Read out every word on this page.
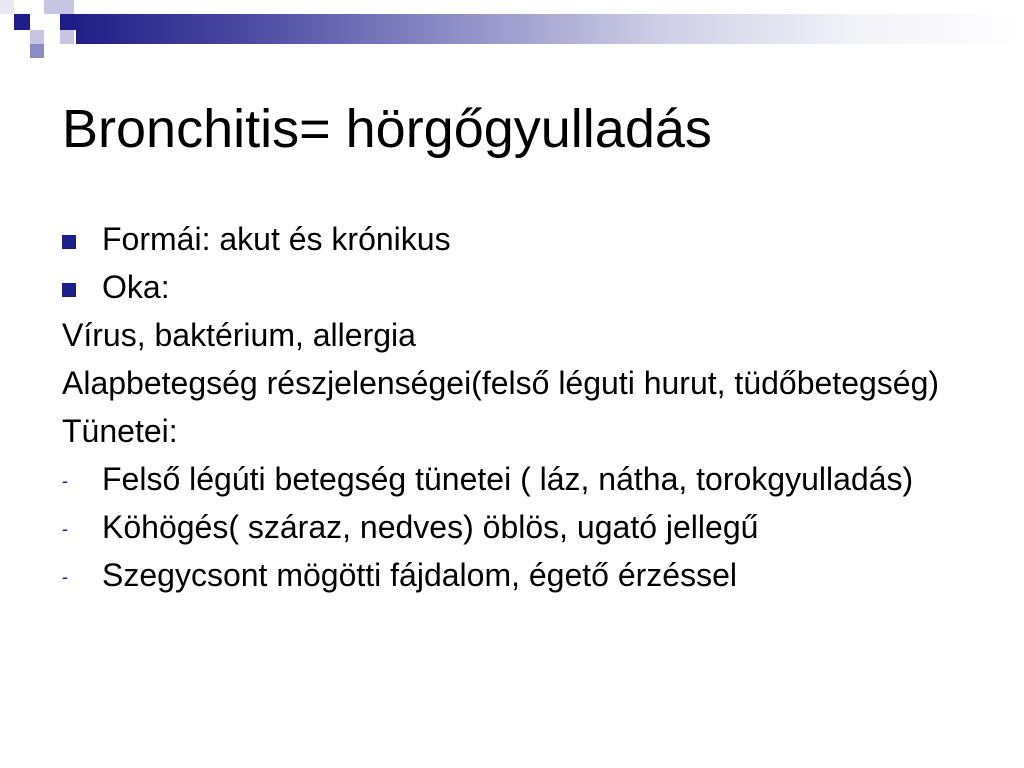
Bronchitis= hörgőgyulladás
Formái: akut és krónikus
Oka:
Vírus, baktérium, allergia
Alapbetegség részjelenségei(felső léguti hurut, tüdőbetegség)
Tünetei:
- Felső légúti betegség tünetei ( láz, nátha, torokgyulladás)
- Köhögés( száraz, nedves) öblös, ugató jellegű
- Szegycsont mögötti fájdalom, égető érzéssel
